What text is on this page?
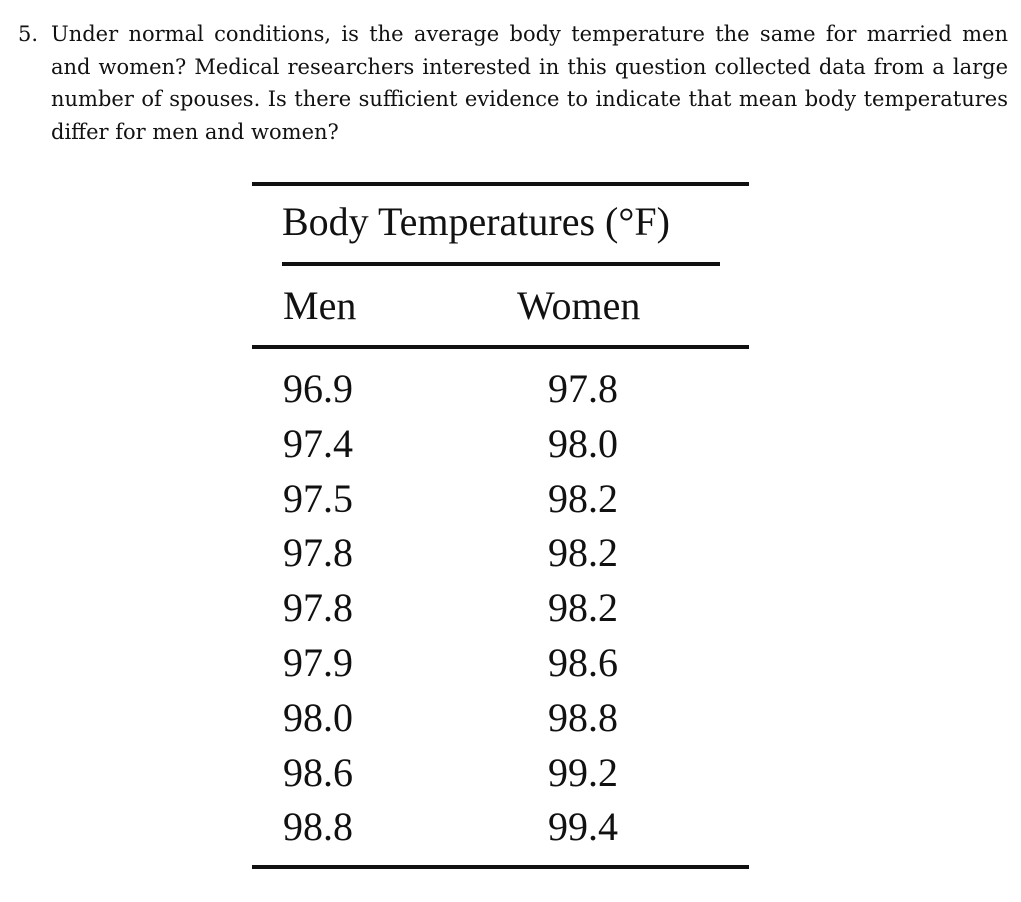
5. Under normal conditions, is the average body temperature the same for married men and women? Medical researchers interested in this question collected data from a large number of spouses. Is there sufficient evidence to indicate that mean body temperatures differ for men and women?
Body Temperatures (°F)
Men	Women
96.9	97.8
97.4	98.0
97.5	98.2
97.8	98.2
97.8	98.2
97.9	98.6
98.0	98.8
98.6	99.2
98.8	99.4
